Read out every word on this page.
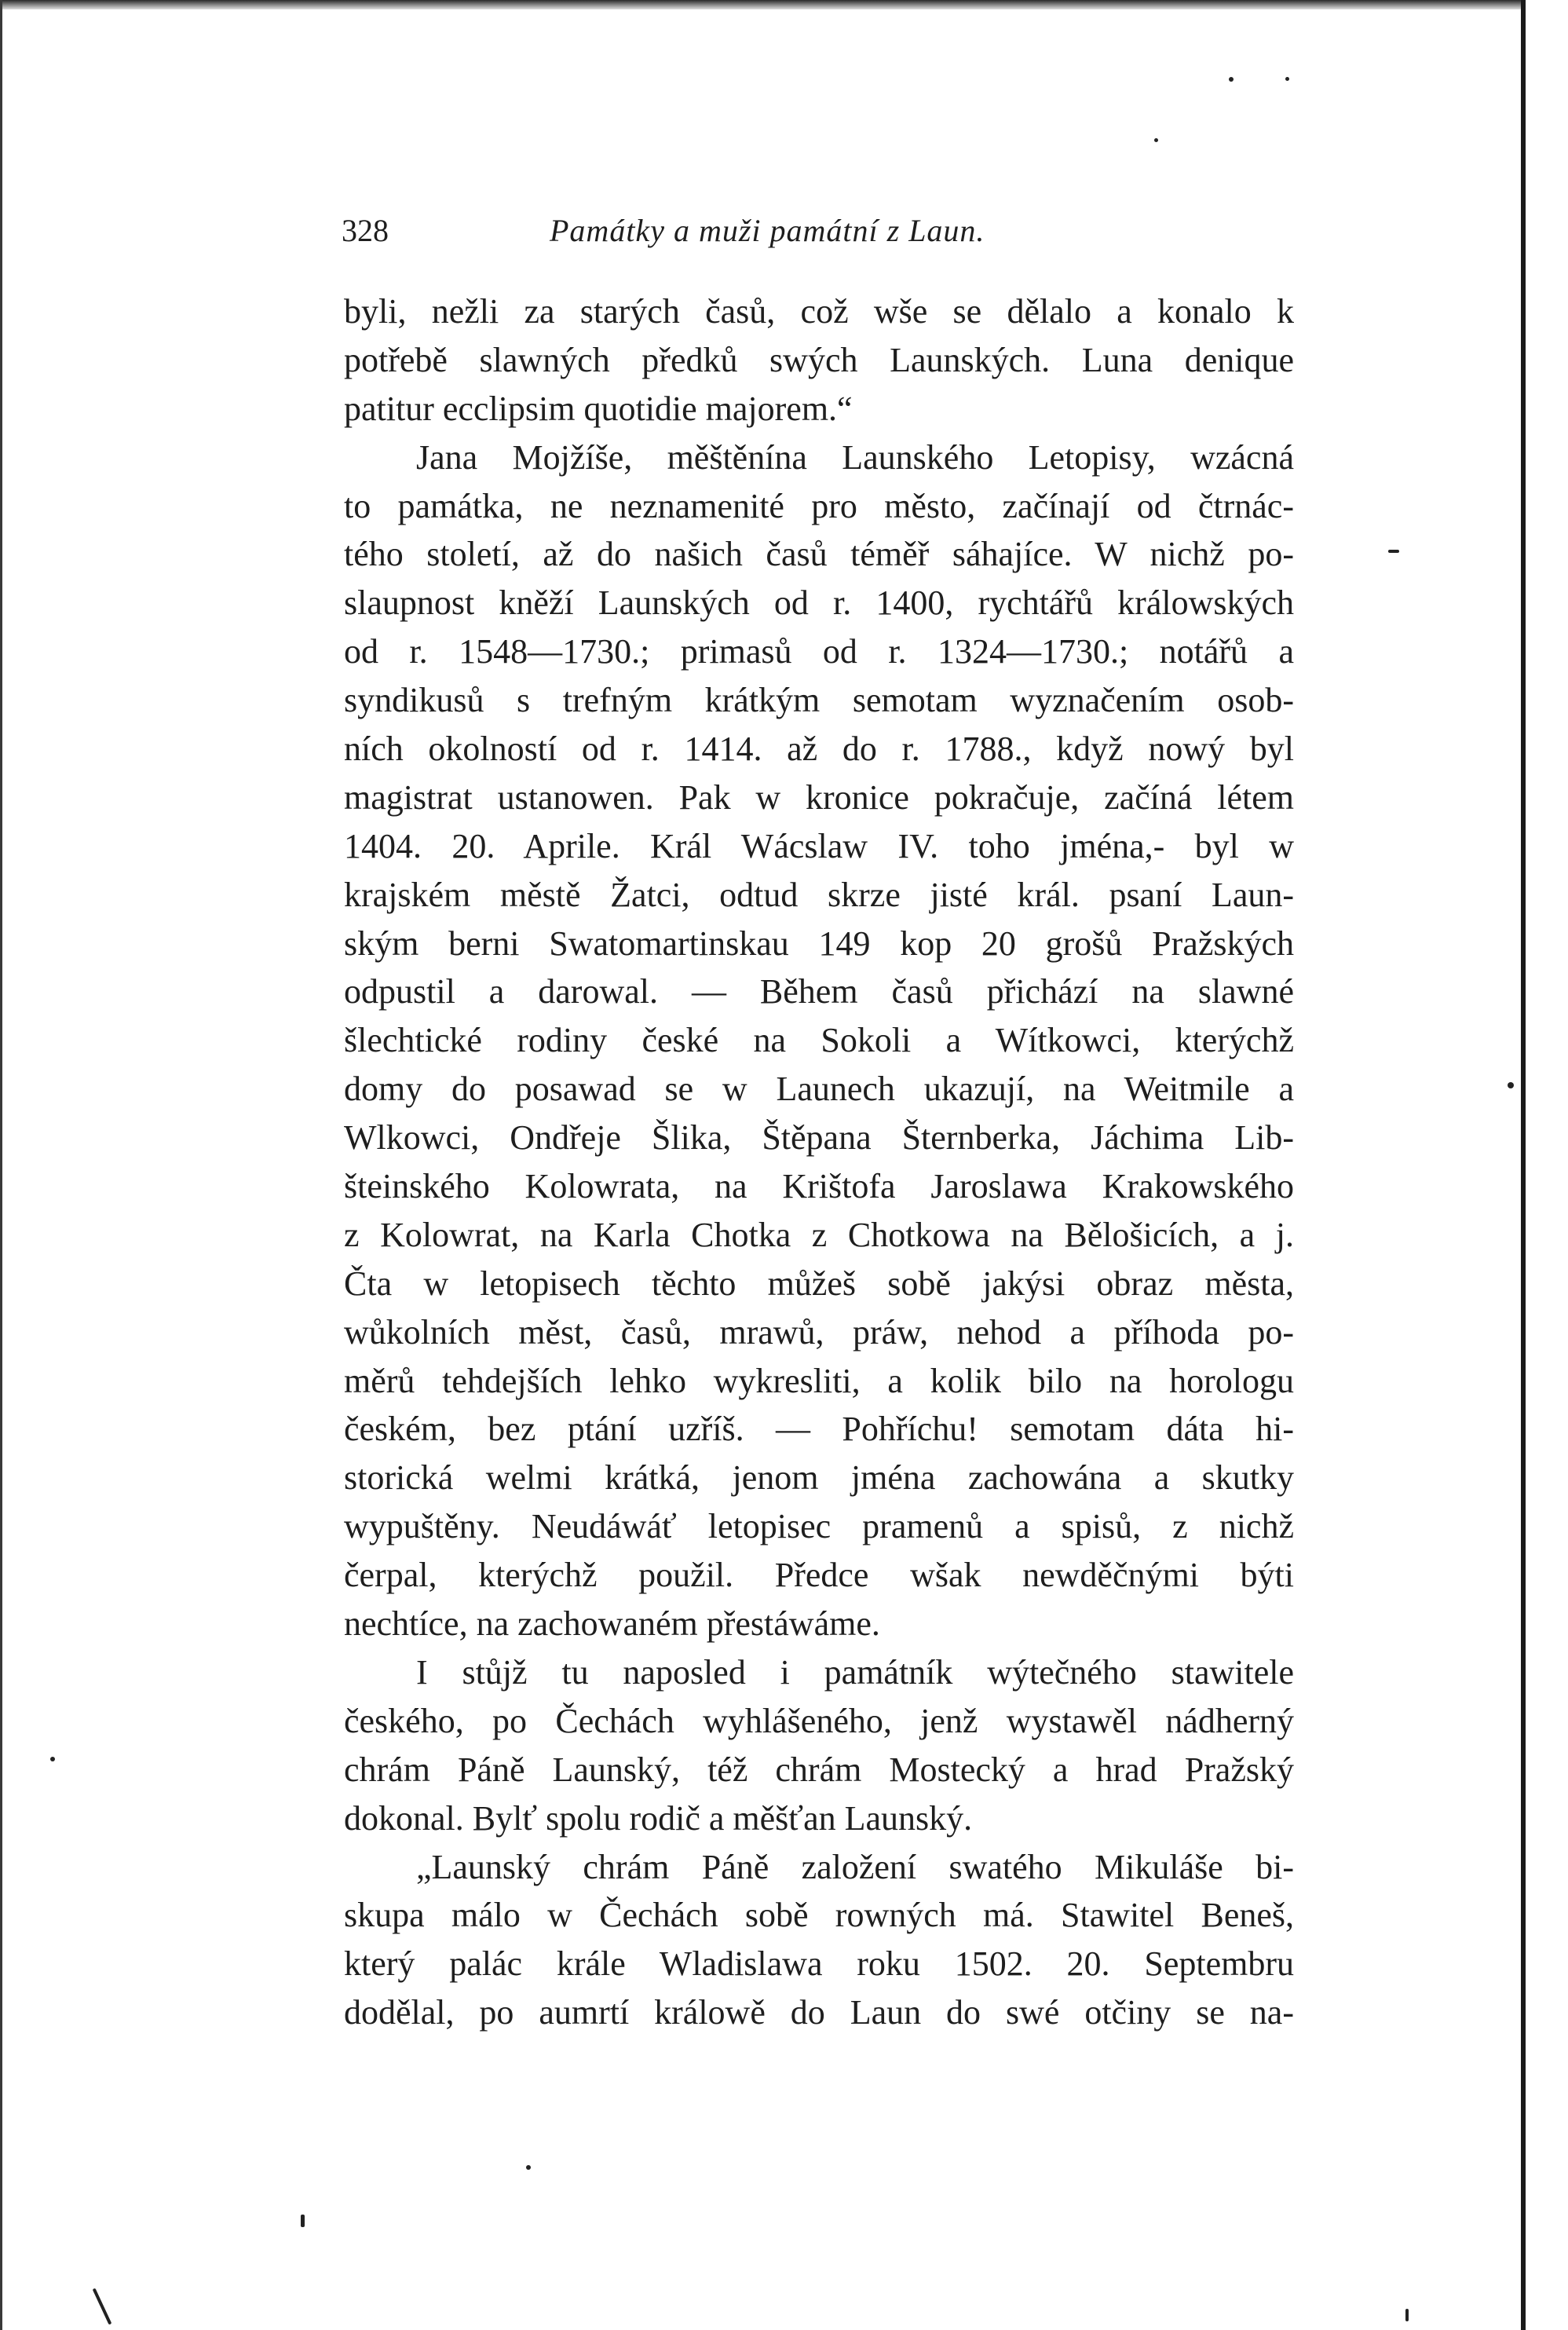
328	Památky a muži památní z Laun.
byli, nežli za starých časů, což wše se dělalo a konalo k
potřebě slawných předků swých Launských. Luna denique
patitur ecclipsim quotidie majorem.“
Jana Mojžíše, měštěnína Launského Letopisy, wzácná
to památka, ne neznamenité pro město, začínají od čtrnác-
tého století, až do našich časů téměř sáhajíce. W nichž po-
slaupnost kněží Launských od r. 1400, rychtářů králowských
od r. 1548—1730.; primasů od r. 1324—1730.; notářů a
syndikusů s trefným krátkým semotam wyznačením osob-
ních okolností od r. 1414. až do r. 1788., když nowý byl
magistrat ustanowen. Pak w kronice pokračuje, začíná létem
1404. 20. Aprile. Král Wácslaw IV. toho jména,- byl w
krajském městě Žatci, odtud skrze jisté král. psaní Laun-
ským berni Swatomartinskau 149 kop 20 grošů Pražských
odpustil a darowal. — Během časů přichází na slawné
šlechtické rodiny české na Sokoli a Wítkowci, kterýchž
domy do posawad se w Launech ukazují, na Weitmile a
Wlkowci, Ondřeje Šlika, Štěpana Šternberka, Jáchima Lib-
šteinského Kolowrata, na Krištofa Jaroslawa Krakowského
z Kolowrat, na Karla Chotka z Chotkowa na Bělošicích, a j.
Čta w letopisech těchto můžeš sobě jakýsi obraz města,
wůkolních měst, časů, mrawů, práw, nehod a příhoda po-
měrů tehdejších lehko wykresliti, a kolik bilo na horologu
českém, bez ptání uzříš. — Pohříchu! semotam dáta hi-
storická welmi krátká, jenom jména zachowána a skutky
wypuštěny. Neudáwáť letopisec pramenů a spisů, z nichž
čerpal, kterýchž použil. Předce wšak newděčnými býti
nechtíce, na zachowaném přestáwáme.
I stůjž tu naposled i památník wýtečného stawitele
českého, po Čechách wyhlášeného, jenž wystawěl nádherný
chrám Páně Launský, též chrám Mostecký a hrad Pražský
dokonal. Bylť spolu rodič a měšťan Launský.
„Launský chrám Páně založení swatého Mikuláše bi-
skupa málo w Čechách sobě rowných má. Stawitel Beneš,
který palác krále Wladislawa roku 1502. 20. Septembru
dodělal, po aumrtí králowě do Laun do swé otčiny se na-
